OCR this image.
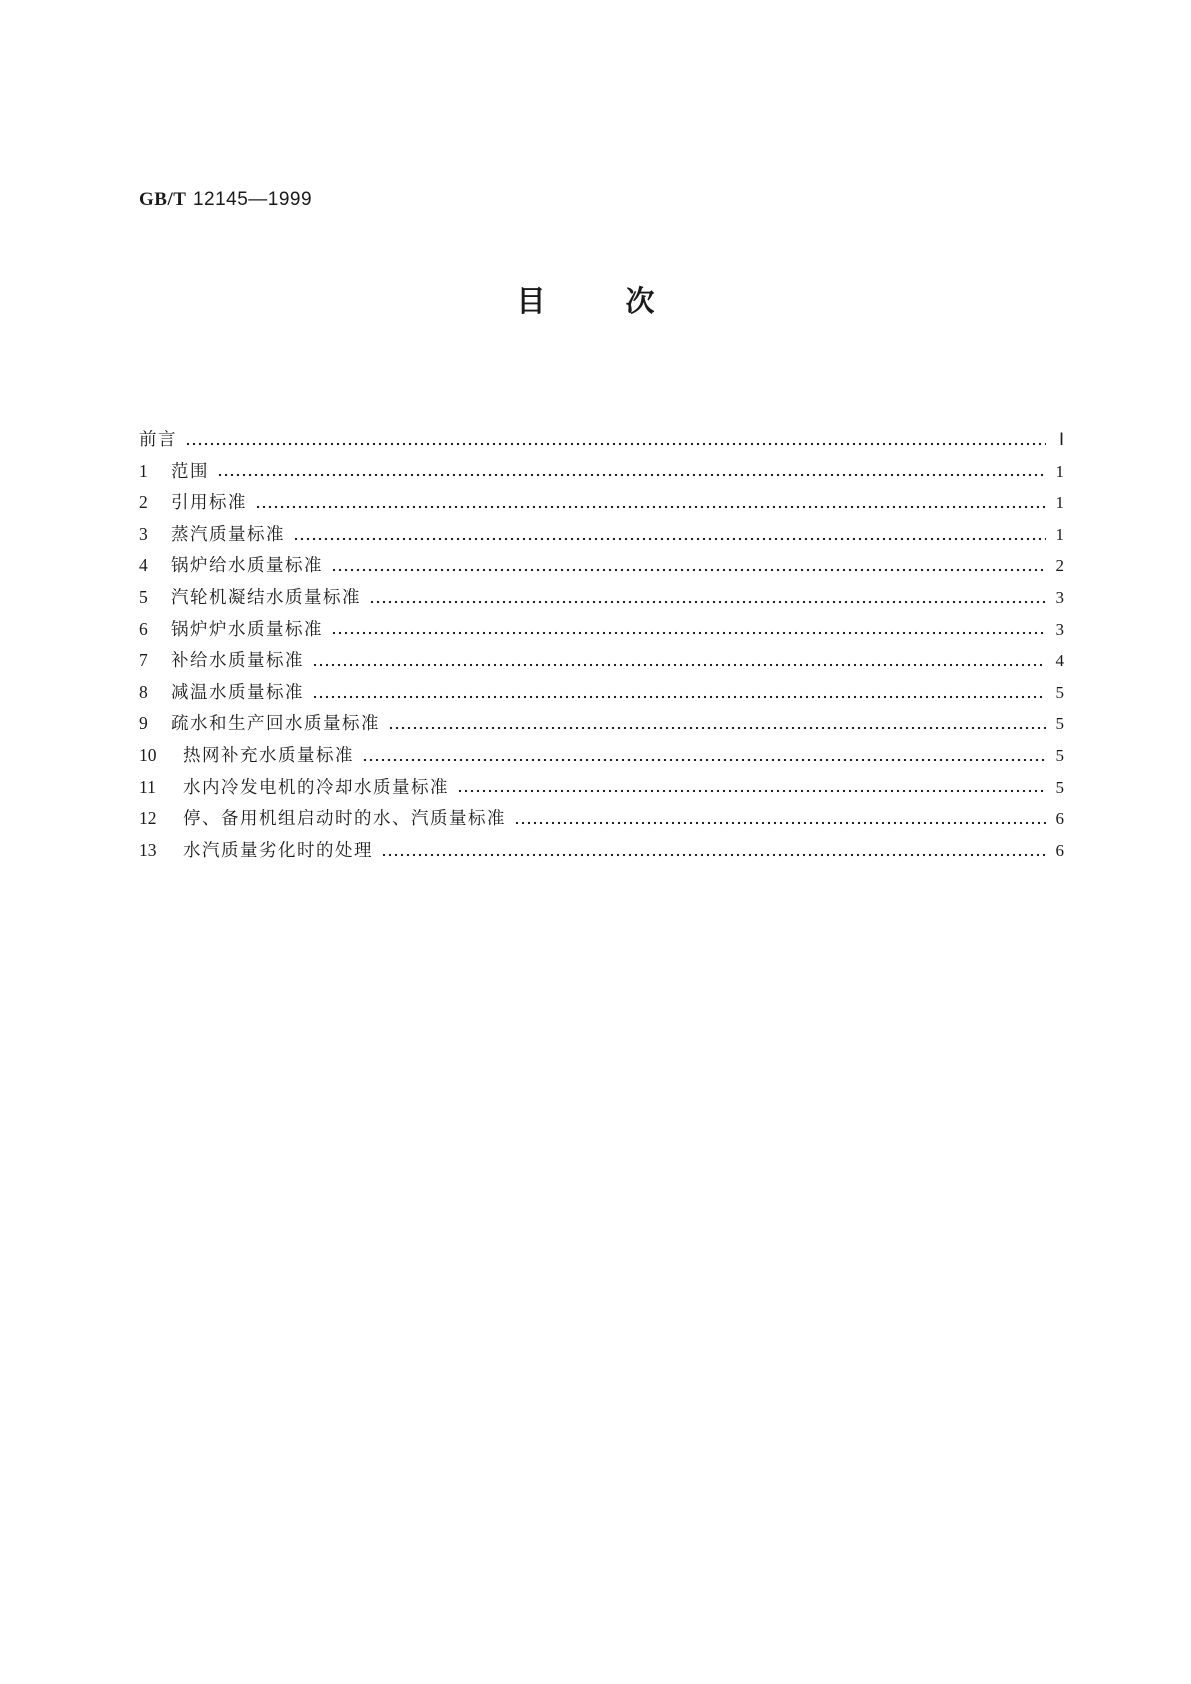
GB/T 12145—1999
目次
前言	Ⅰ
1	范围	1
2	引用标准	1
3	蒸汽质量标准	1
4	锅炉给水质量标准	2
5	汽轮机凝结水质量标准	3
6	锅炉炉水质量标准	3
7	补给水质量标准	4
8	减温水质量标准	5
9	疏水和生产回水质量标准	5
10	热网补充水质量标准	5
11	水内冷发电机的冷却水质量标准	5
12	停、备用机组启动时的水、汽质量标准	6
13	水汽质量劣化时的处理	6
